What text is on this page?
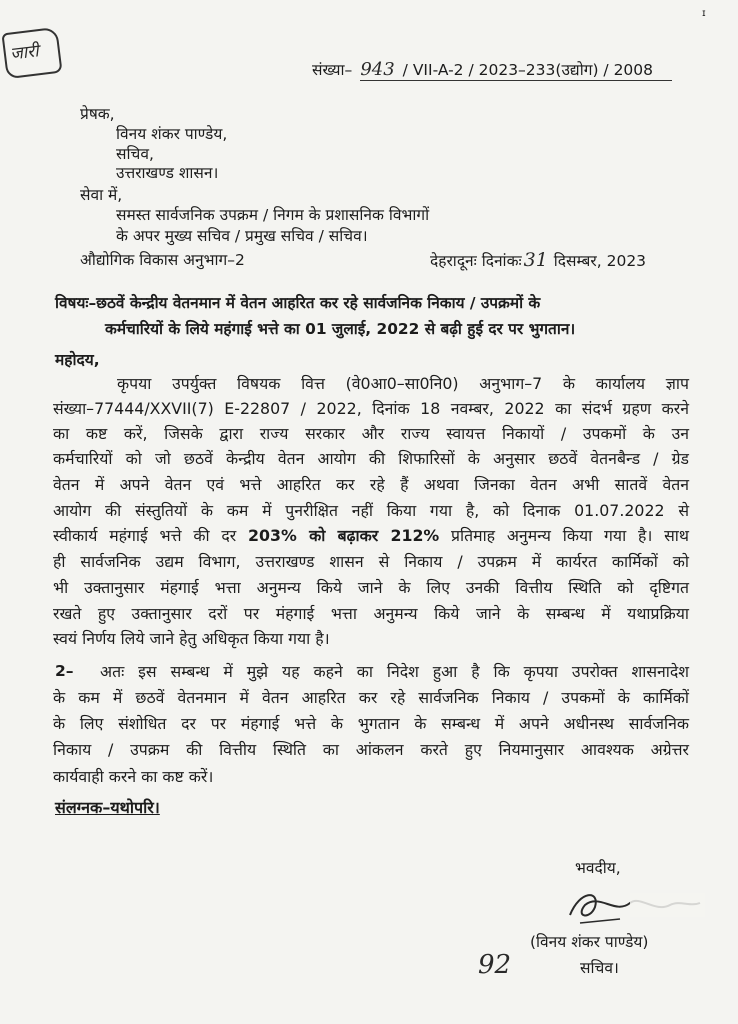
जारी
ɪ
संख्या– 943 / VII-A-2 / 2023–233(उद्योग) / 2008
प्रेषक,
विनय शंकर पाण्डेय,
सचिव,
उत्तराखण्ड शासन।
सेवा में,
समस्त सार्वजनिक उपक्रम / निगम के प्रशासनिक विभागों
के अपर मुख्य सचिव / प्रमुख सचिव / सचिव।
औद्योगिक विकास अनुभाग–2	देहरादूनः दिनांकः 31 दिसम्बर, 2023
विषयः–छठवें केन्द्रीय वेतनमान में वेतन आहरित कर रहे सार्वजनिक निकाय / उपक्रमों के
कर्मचारियों के लिये महंगाई भत्ते का 01 जुलाई, 2022 से बढ़ी हुई दर पर भुगतान।
महोदय,
कृपया उपर्युक्त विषयक वित्त (वे0आ0–सा0नि0) अनुभाग–7 के कार्यालय ज्ञाप
संख्या–77444/XXVII(7) E-22807 / 2022, दिनांक 18 नवम्बर, 2022 का संदर्भ ग्रहण करने
का कष्ट करें, जिसके द्वारा राज्य सरकार और राज्य स्वायत्त निकायों / उपकमों के उन
कर्मचारियों को जो छठवें केन्द्रीय वेतन आयोग की शिफारिसों के अनुसार छठवें वेतनबैन्ड / ग्रेड
वेतन में अपने वेतन एवं भत्ते आहरित कर रहे हैं अथवा जिनका वेतन अभी सातवें वेतन
आयोग की संस्तुतियों के कम में पुनरीक्षित नहीं किया गया है, को दिनाक 01.07.2022 से
स्वीकार्य महंगाई भत्ते की दर 203% को बढ़ाकर 212% प्रतिमाह अनुमन्य किया गया है। साथ
ही सार्वजनिक उद्यम विभाग, उत्तराखण्ड शासन से निकाय / उपक्रम में कार्यरत कार्मिकों को
भी उक्तानुसार मंहगाई भत्ता अनुमन्य किये जाने के लिए उनकी वित्तीय स्थिति को दृष्टिगत
रखते हुए उक्तानुसार दरों पर मंहगाई भत्ता अनुमन्य किये जाने के सम्बन्ध में यथाप्रक्रिया
स्वयं निर्णय लिये जाने हेतु अधिकृत किया गया है।
2– अतः इस सम्बन्ध में मुझे यह कहने का निदेश हुआ है कि कृपया उपरोक्त शासनादेश
के कम में छठवें वेतनमान में वेतन आहरित कर रहे सार्वजनिक निकाय / उपकमों के कार्मिकों
के लिए संशोधित दर पर मंहगाई भत्ते के भुगतान के सम्बन्ध में अपने अधीनस्थ सार्वजनिक
निकाय / उपक्रम की वित्तीय स्थिति का आंकलन करते हुए नियमानुसार आवश्यक अग्रेत्तर
कार्यवाही करने का कष्ट करें।
संलग्नक–यथोपरि।
भवदीय,
(विनय शंकर पाण्डेय)
सचिव।
92
